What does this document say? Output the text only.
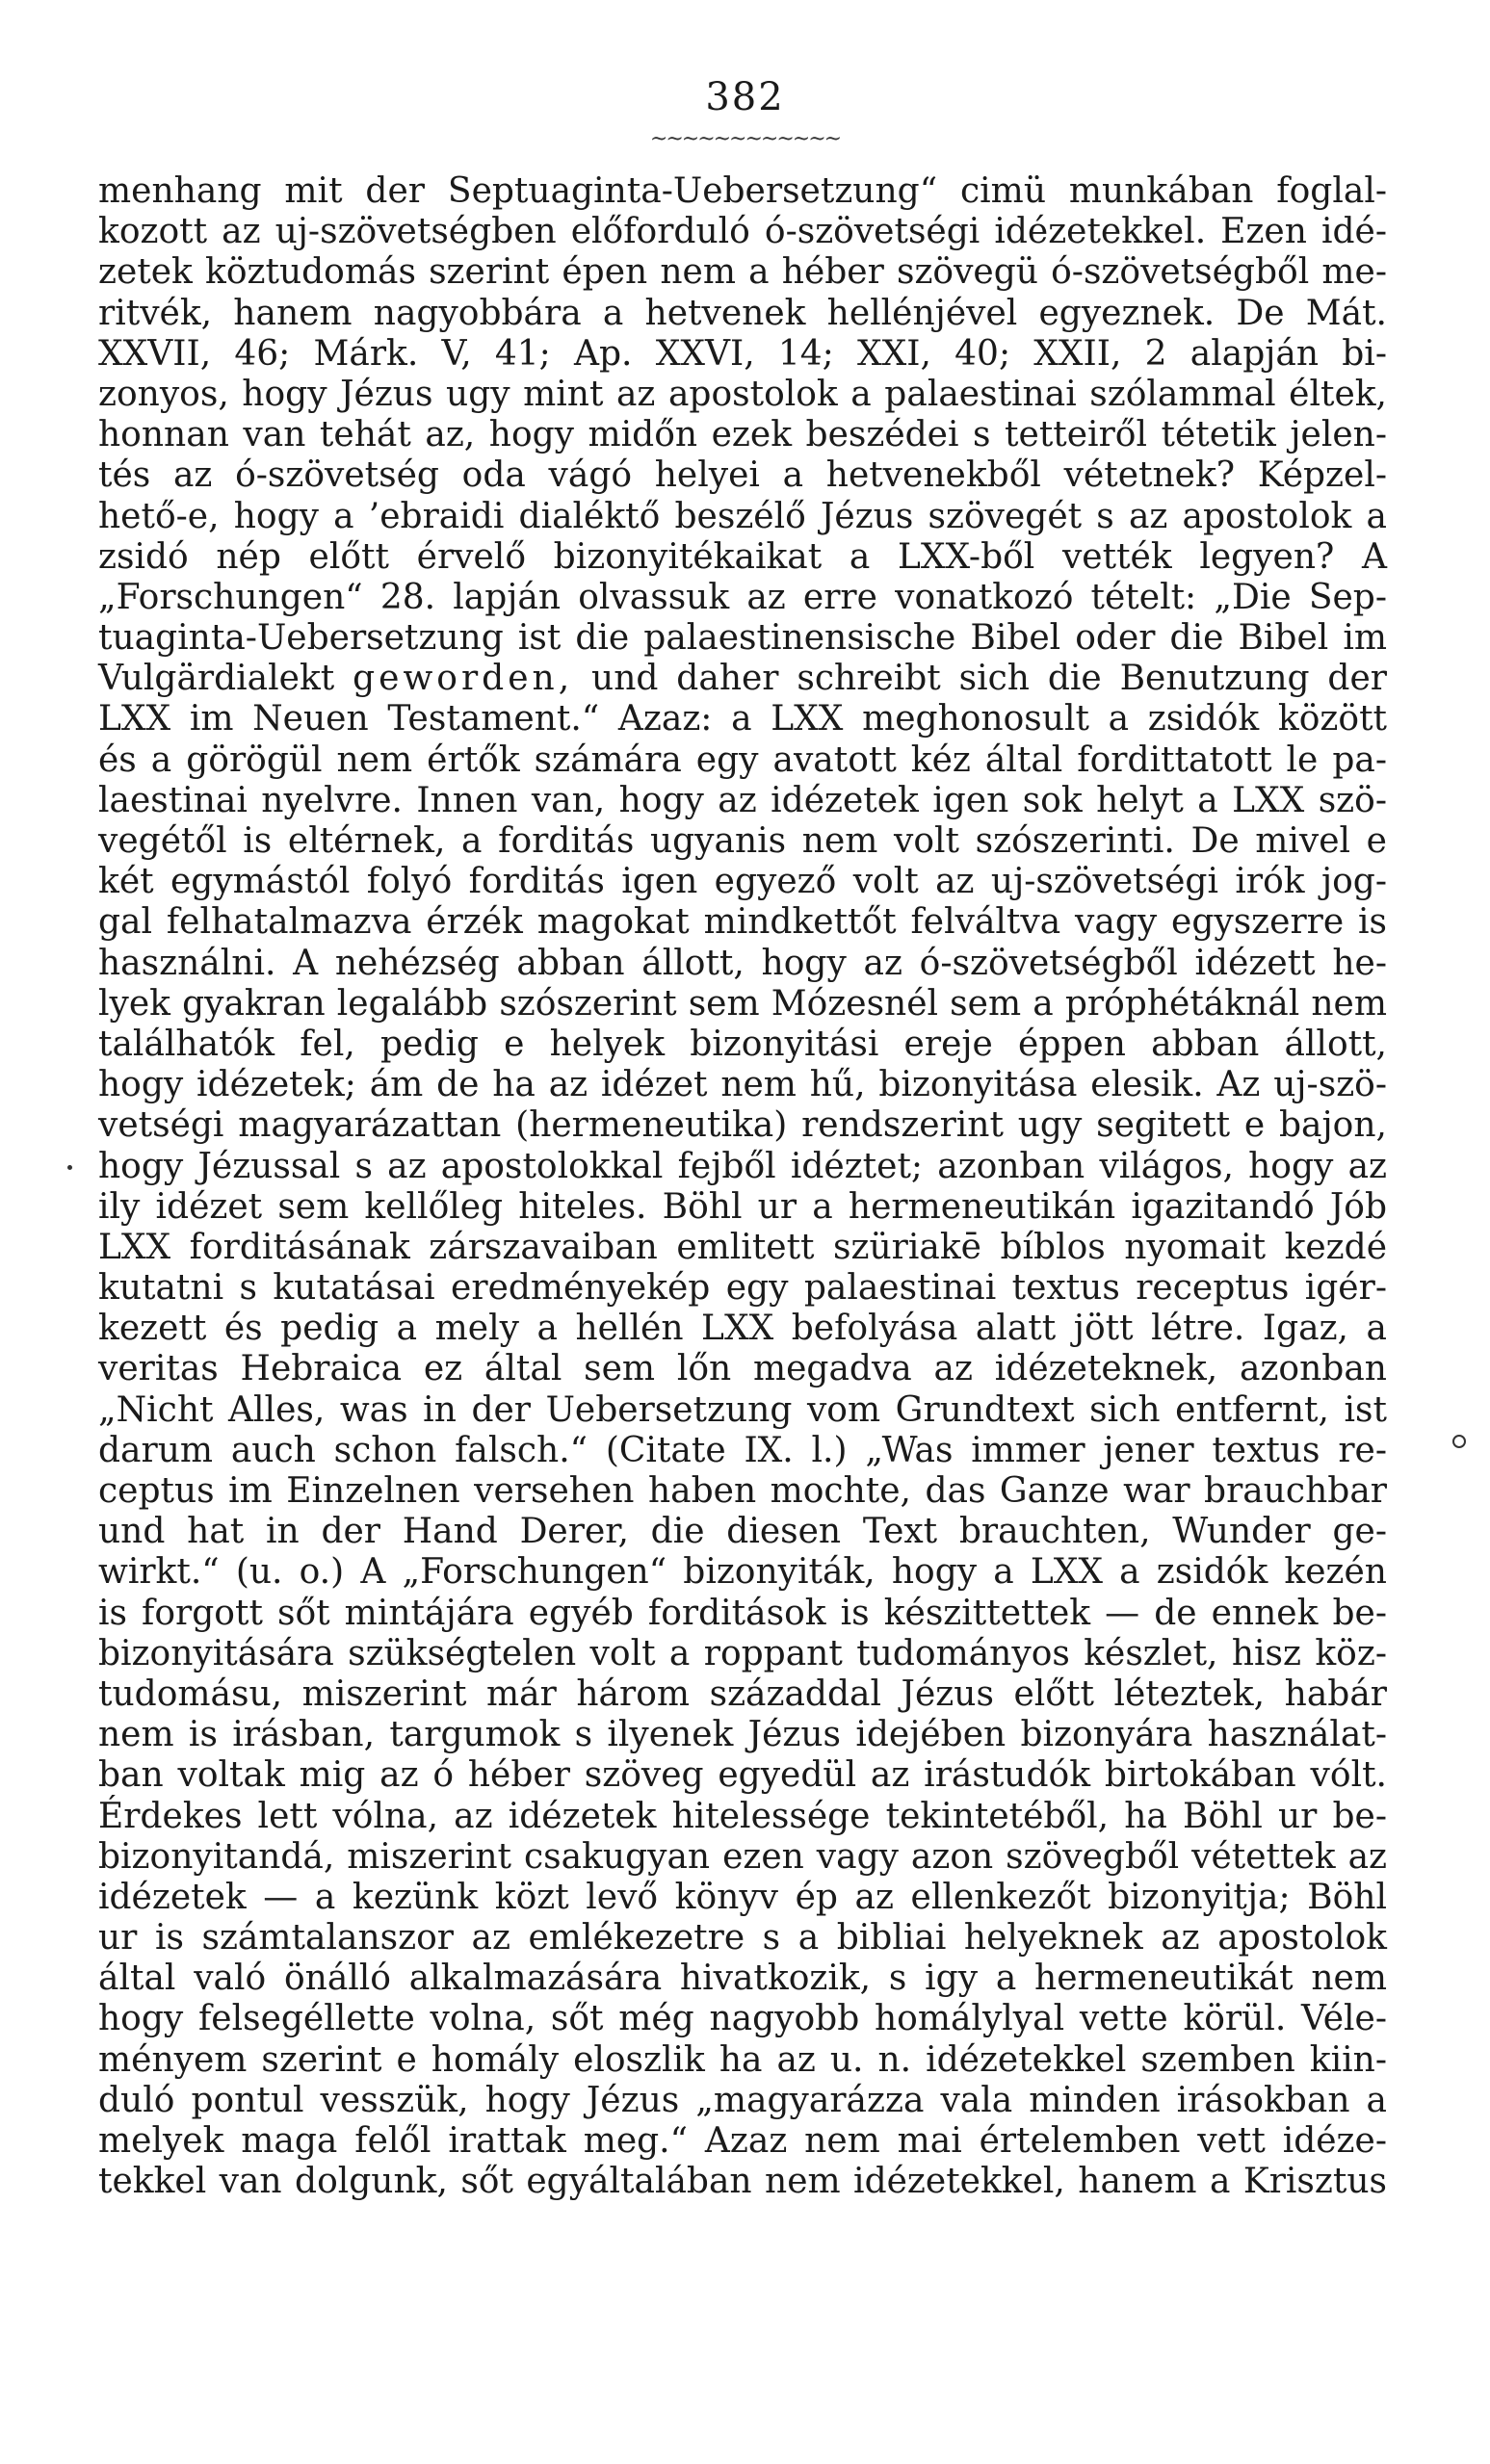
382
~~~~~~~~~~~~
menhang mit der Septuaginta-Uebersetzung“ cimü munkában foglal-
kozott az uj-szövetségben előforduló ó-szövetségi idézetekkel. Ezen idé-
zetek köztudomás szerint épen nem a héber szövegü ó-szövetségből me-
ritvék, hanem nagyobbára a hetvenek hellénjével egyeznek. De Mát.
XXVII, 46; Márk. V, 41; Ap. XXVI, 14; XXI, 40; XXII, 2 alapján bi-
zonyos, hogy Jézus ugy mint az apostolok a palaestinai szólammal éltek,
honnan van tehát az, hogy midőn ezek beszédei s tetteiről tétetik jelen-
tés az ó-szövetség oda vágó helyei a hetvenekből vétetnek? Képzel-
hető-e, hogy a ’ebraidi dialéktő beszélő Jézus szövegét s az apostolok a
zsidó nép előtt érvelő bizonyitékaikat a LXX-ből vették legyen? A
„Forschungen“ 28. lapján olvassuk az erre vonatkozó tételt: „Die Sep-
tuaginta-Uebersetzung ist die palaestinensische Bibel oder die Bibel im
Vulgärdialekt geworden, und daher schreibt sich die Benutzung der
LXX im Neuen Testament.“ Azaz: a LXX meghonosult a zsidók között
és a görögül nem értők számára egy avatott kéz által fordittatott le pa-
laestinai nyelvre. Innen van, hogy az idézetek igen sok helyt a LXX szö-
vegétől is eltérnek, a forditás ugyanis nem volt szószerinti. De mivel e
két egymástól folyó forditás igen egyező volt az uj-szövetségi irók jog-
gal felhatalmazva érzék magokat mindkettőt felváltva vagy egyszerre is
használni. A nehézség abban állott, hogy az ó-szövetségből idézett he-
lyek gyakran legalább szószerint sem Mózesnél sem a próphétáknál nem
találhatók fel, pedig e helyek bizonyitási ereje éppen abban állott,
hogy idézetek; ám de ha az idézet nem hű, bizonyitása elesik. Az uj-szö-
vetségi magyarázattan (hermeneutika) rendszerint ugy segitett e bajon,
hogy Jézussal s az apostolokkal fejből idéztet; azonban világos, hogy az
ily idézet sem kellőleg hiteles. Böhl ur a hermeneutikán igazitandó Jób
LXX forditásának zárszavaiban emlitett szüriakē bíblos nyomait kezdé
kutatni s kutatásai eredményekép egy palaestinai textus receptus igér-
kezett és pedig a mely a hellén LXX befolyása alatt jött létre. Igaz, a
veritas Hebraica ez által sem lőn megadva az idézeteknek, azonban
„Nicht Alles, was in der Uebersetzung vom Grundtext sich entfernt, ist
darum auch schon falsch.“ (Citate IX. l.) „Was immer jener textus re-
ceptus im Einzelnen versehen haben mochte, das Ganze war brauchbar
und hat in der Hand Derer, die diesen Text brauchten, Wunder ge-
wirkt.“ (u. o.) A „Forschungen“ bizonyiták, hogy a LXX a zsidók kezén
is forgott sőt mintájára egyéb forditások is készittettek — de ennek be-
bizonyitására szükségtelen volt a roppant tudományos készlet, hisz köz-
tudomásu, miszerint már három századdal Jézus előtt léteztek, habár
nem is irásban, targumok s ilyenek Jézus idejében bizonyára használat-
ban voltak mig az ó héber szöveg egyedül az irástudók birtokában vólt.
Érdekes lett vólna, az idézetek hitelessége tekintetéből, ha Böhl ur be-
bizonyitandá, miszerint csakugyan ezen vagy azon szövegből vétettek az
idézetek — a kezünk közt levő könyv ép az ellenkezőt bizonyitja; Böhl
ur is számtalanszor az emlékezetre s a bibliai helyeknek az apostolok
által való önálló alkalmazására hivatkozik, s igy a hermeneutikát nem
hogy felsegéllette volna, sőt még nagyobb homálylyal vette körül. Véle-
ményem szerint e homály eloszlik ha az u. n. idézetekkel szemben kiin-
duló pontul vesszük, hogy Jézus „magyarázza vala minden irásokban a
melyek maga felől irattak meg.“ Azaz nem mai értelemben vett idéze-
tekkel van dolgunk, sőt egyáltalában nem idézetekkel, hanem a Krisztus
